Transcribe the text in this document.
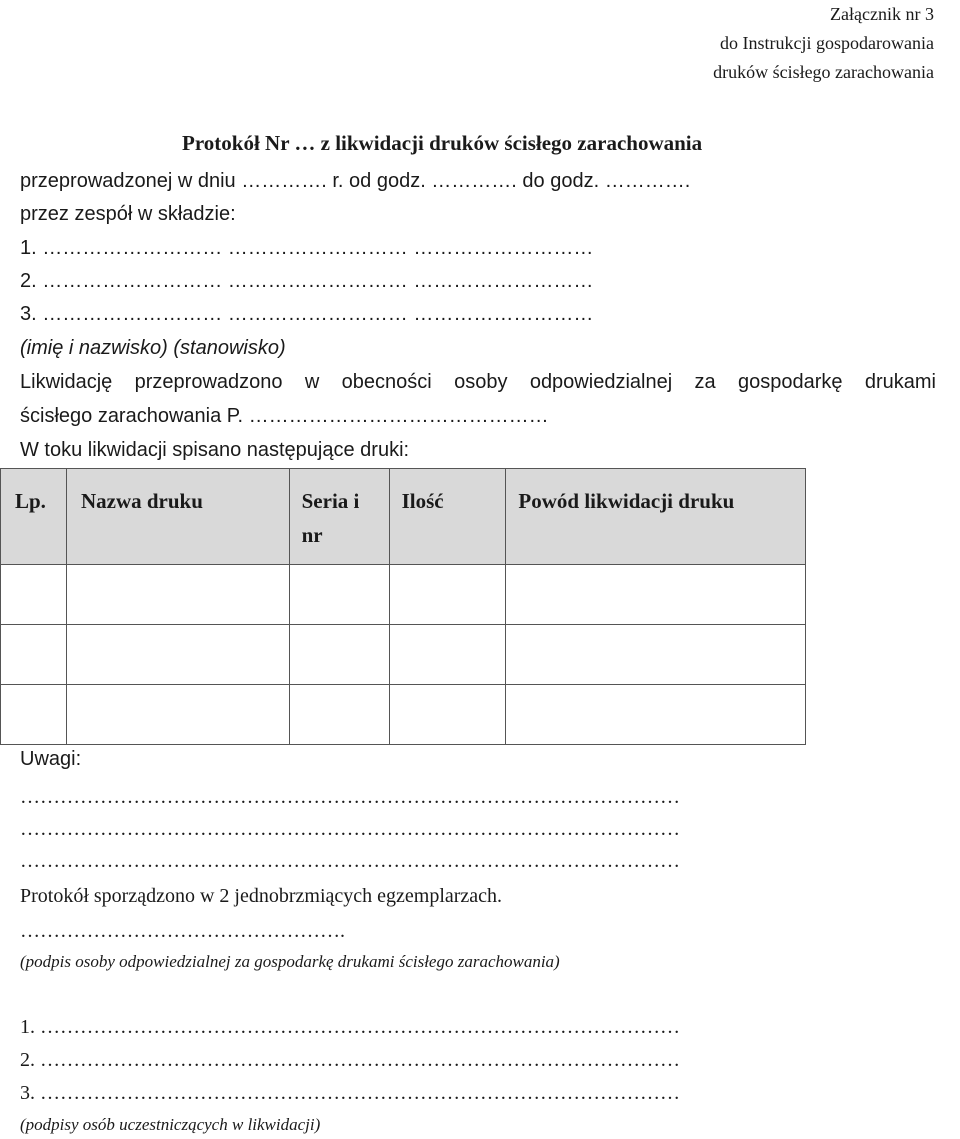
Załącznik nr 3
do Instrukcji gospodarowania
druków ścisłego zarachowania
Protokół Nr … z likwidacji druków ścisłego zarachowania
przeprowadzonej w dniu …………. r. od godz. …………. do godz. ………….
przez zespół w składzie:
1. ……………………… ……………………… ………………………
2. ……………………… ……………………… ………………………
3. ……………………… ……………………… ………………………
(imię i nazwisko) (stanowisko)
Likwidację przeprowadzono w obecności osoby odpowiedzialnej za gospodarkę drukami
ścisłego zarachowania P. ………………………………………
W toku likwidacji spisano następujące druki:
Lp.	Nazwa druku	Seria i nr	Ilość	Powód likwidacji druku

Uwagi:
………………………………………………………………………………………
………………………………………………………………………………………
………………………………………………………………………………………
Protokół sporządzono w 2 jednobrzmiących egzemplarzach.
………………………………………….
(podpis osoby odpowiedzialnej za gospodarkę drukami ścisłego zarachowania)
1. ……………………………………………………………………………………
2. ……………………………………………………………………………………
3. ……………………………………………………………………………………
(podpisy osób uczestniczących w likwidacji)
